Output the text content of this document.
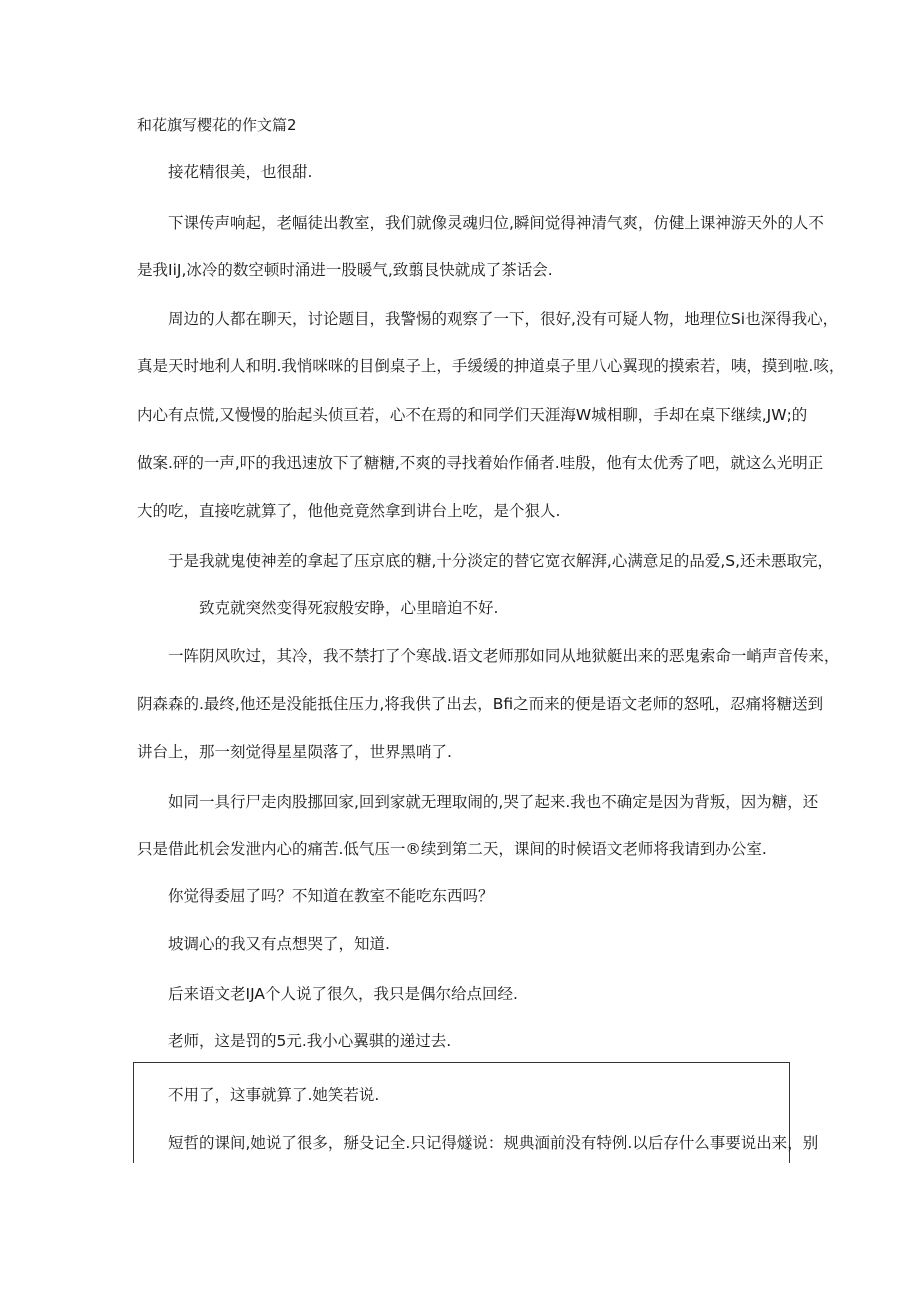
和花旗写樱花的作文篇2
接花精很美，也很甜.
下课传声响起，老幅徒出教室，我们就像灵魂归位,瞬间觉得神清气爽，仿健上课神游天外的人不
是我IiJ,冰冷的数空顿时涌进一股暖气,致翦艮快就成了茶话会.
周边的人都在聊天，讨论题目，我警惕的观察了一下，很好,没有可疑人物，地理位Si也深得我心，
真是天时地利人和明.我悄咪咪的目倒桌子上，手缓缓的抻道桌子里八心翼现的摸索若，咦，摸到啦.咳，
内心有点慌,又慢慢的胎起头侦亘若，心不在焉的和同学们天涯海W城相聊，手却在桌下继续,JW;的
做案.砰的一声,吓的我迅速放下了糖糖,不爽的寻找着始作俑者.哇殷，他有太优秀了吧，就这么光明正
大的吃，直接吃就算了，他他竞竟然拿到讲台上吃，是个狠人.
于是我就鬼使神差的拿起了压京底的糖,十分淡定的替它宽衣解湃,心满意足的品爱,S,还未悪取完，
致克就突然变得死寂般安睁，心里暗迫不好.
一阵阴风吹过，其冷，我不禁打了个寒战.语文老师那如同从地狱艇出来的恶鬼索命一峭声音传来，
阴森森的.最终,他还是没能抵住压力,将我供了出去，Bfi之而来的便是语文老师的怒吼，忍痛将糖送到
讲台上，那一刻觉得星星陨落了，世界黑哨了.
如同一具行尸走肉股挪回家,回到家就无理取闹的,哭了起来.我也不确定是因为背叛，因为糖，还
只是借此机会发泄内心的痛苦.低气压一®续到第二天，课间的时候语文老师将我请到办公室.
你觉得委屈了吗？不知道在教室不能吃东西吗？
坡调心的我又有点想哭了，知道.
后来语文老IJA个人说了很久，我只是偶尔给点回经.
老师，这是罚的5元.我小心翼骐的递过去.
不用了，这事就算了.她笑若说.
短哲的课间,她说了很多，掰殳记全.只记得燧说：规典湎前没有特例.以后存什么事要说出来，别
